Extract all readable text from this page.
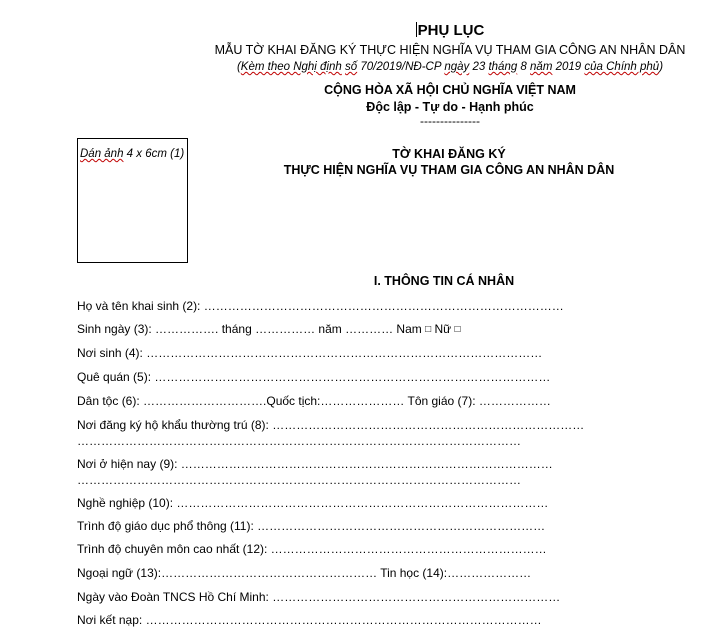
PHỤ LỤC
MẪU TỜ KHAI ĐĂNG KÝ THỰC HIỆN NGHĨA VỤ THAM GIA CÔNG AN NHÂN DÂN
(Kèm theo Nghị định số 70/2019/NĐ-CP ngày 23 tháng 8 năm 2019 của Chính phủ)
CỘNG HÒA XÃ HỘI CHỦ NGHĨA VIỆT NAM
Độc lập - Tự do - Hạnh phúc
---------------
Dán ảnh 4 x 6cm (1)	TỜ KHAI ĐĂNG KÝ
THỰC HIỆN NGHĨA VỤ THAM GIA CÔNG AN NHÂN DÂN
I. THÔNG TIN CÁ NHÂN
Họ và tên khai sinh (2): ………………………………………………………………………………
Sinh ngày (3): ……………. tháng …………… năm ………… Nam □ Nữ □
Nơi sinh (4): ………………………………………………………………………………………
Quê quán (5): ………………………………………………………………………………………
Dân tộc (6): ………………………….Quốc tịch:………………… Tôn giáo (7): ………………
Nơi đăng ký hộ khẩu thường trú (8): ……………………………………………………………………
…………………………………………………………………………………………………
Nơi ở hiện nay (9): …………………………………………………………………………………
…………………………………………………………………………………………………
Nghề nghiệp (10): …………………………………………………………………………………
Trình độ giáo dục phổ thông (11): ………………………………………………………………
Trình độ chuyên môn cao nhất (12): ……………………………………………………………
Ngoại ngữ (13):……………………………………………… Tin học (14):…………………
Ngày vào Đoàn TNCS Hồ Chí Minh: ………………………………………………………………
Nơi kết nạp: ………………………………………………………………………………………
